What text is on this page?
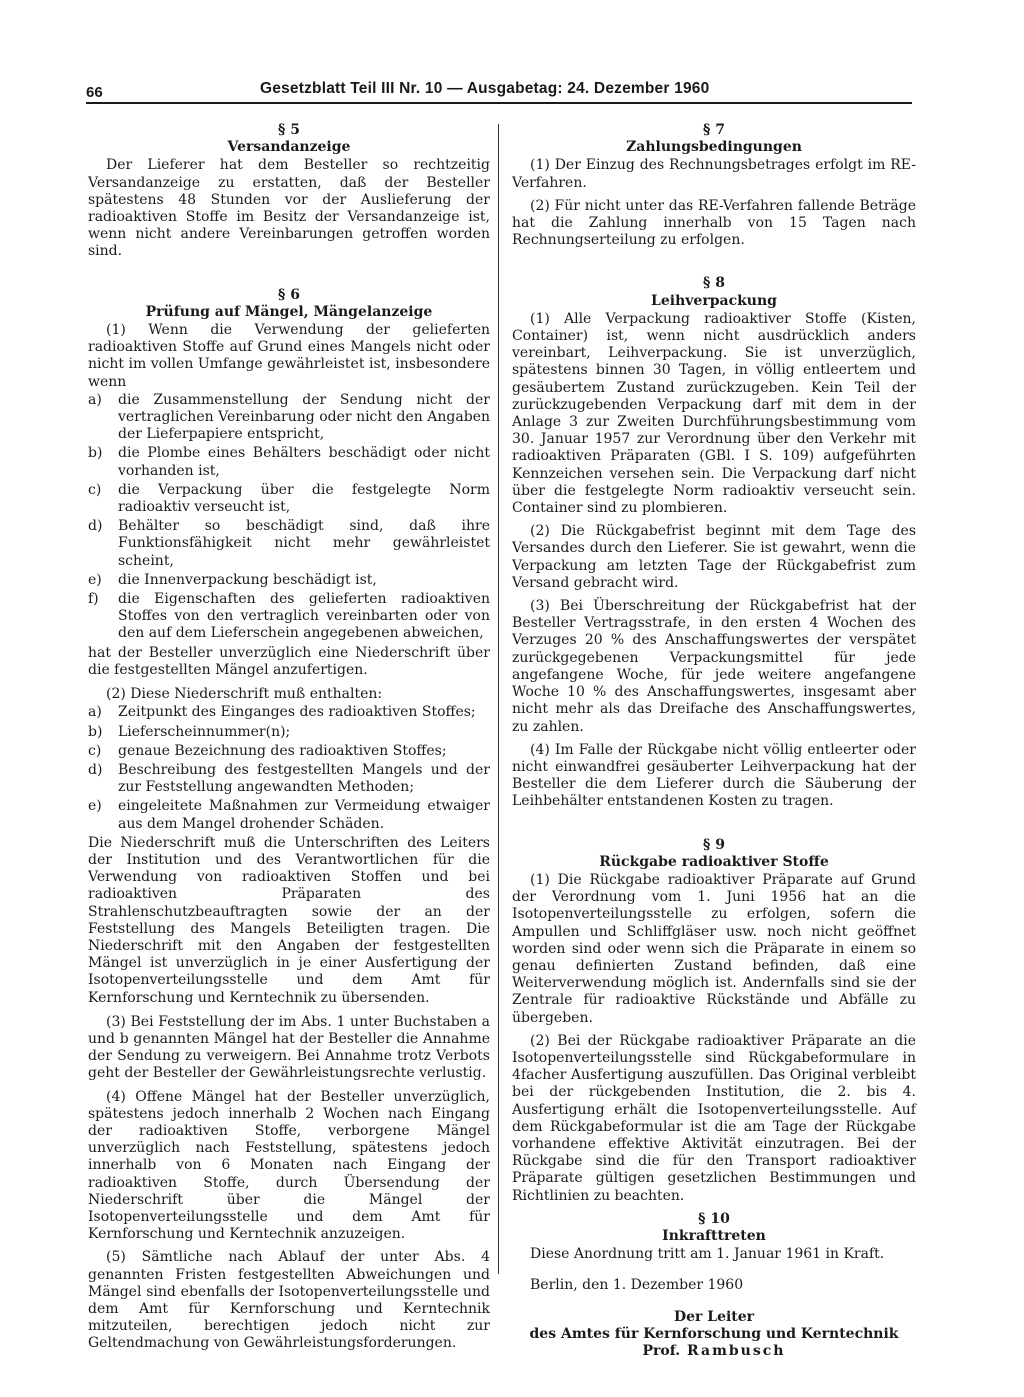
66	Gesetzblatt Teil III Nr. 10 — Ausgabetag: 24. Dezember 1960
§ 5
Versandanzeige

Der Lieferer hat dem Besteller so rechtzeitig Versandanzeige zu erstatten, daß der Besteller spätestens 48 Stunden vor der Auslieferung der radioaktiven Stoffe im Besitz der Versandanzeige ist, wenn nicht andere Vereinbarungen getroffen worden sind.

§ 6
Prüfung auf Mängel, Mängelanzeige

(1) Wenn die Verwendung der gelieferten radioaktiven Stoffe auf Grund eines Mangels nicht oder nicht im vollen Umfange gewährleistet ist, insbesondere wenn

a)	die Zusammenstellung der Sendung nicht der vertraglichen Vereinbarung oder nicht den Angaben der Lieferpapiere entspricht,
b)	die Plombe eines Behälters beschädigt oder nicht vorhanden ist,
c)	die Verpackung über die festgelegte Norm radioaktiv verseucht ist,
d)	Behälter so beschädigt sind, daß ihre Funktionsfähigkeit nicht mehr gewährleistet scheint,
e)	die Innenverpackung beschädigt ist,
f)	die Eigenschaften des gelieferten radioaktiven Stoffes von den vertraglich vereinbarten oder von den auf dem Lieferschein angegebenen abweichen,

hat der Besteller unverzüglich eine Niederschrift über die festgestellten Mängel anzufertigen.

(2) Diese Niederschrift muß enthalten:

a)	Zeitpunkt des Einganges des radioaktiven Stoffes;
b)	Lieferscheinnummer(n);
c)	genaue Bezeichnung des radioaktiven Stoffes;
d)	Beschreibung des festgestellten Mangels und der zur Feststellung angewandten Methoden;
e)	eingeleitete Maßnahmen zur Vermeidung etwaiger aus dem Mangel drohender Schäden.

Die Niederschrift muß die Unterschriften des Leiters der Institution und des Verantwortlichen für die Verwendung von radioaktiven Stoffen und bei radioaktiven Präparaten des Strahlenschutzbeauftragten sowie der an der Feststellung des Mangels Beteiligten tragen. Die Niederschrift mit den Angaben der festgestellten Mängel ist unverzüglich in je einer Ausfertigung der Isotopenverteilungsstelle und dem Amt für Kernforschung und Kerntechnik zu übersenden.

(3) Bei Feststellung der im Abs. 1 unter Buchstaben a und b genannten Mängel hat der Besteller die Annahme der Sendung zu verweigern. Bei Annahme trotz Verbots geht der Besteller der Gewährleistungsrechte verlustig.

(4) Offene Mängel hat der Besteller unverzüglich, spätestens jedoch innerhalb 2 Wochen nach Eingang der radioaktiven Stoffe, verborgene Mängel unverzüglich nach Feststellung, spätestens jedoch innerhalb von 6 Monaten nach Eingang der radioaktiven Stoffe, durch Übersendung der Niederschrift über die Mängel der Isotopenverteilungsstelle und dem Amt für Kernforschung und Kerntechnik anzuzeigen.

(5) Sämtliche nach Ablauf der unter Abs. 4 genannten Fristen festgestellten Abweichungen und Mängel sind ebenfalls der Isotopenverteilungsstelle und dem Amt für Kernforschung und Kerntechnik mitzuteilen, berechtigen jedoch nicht zur Geltendmachung von Gewährleistungsforderungen.

§ 7
Zahlungsbedingungen

(1) Der Einzug des Rechnungsbetrages erfolgt im RE-Verfahren.

(2) Für nicht unter das RE-Verfahren fallende Beträge hat die Zahlung innerhalb von 15 Tagen nach Rechnungserteilung zu erfolgen.

§ 8
Leihverpackung

(1) Alle Verpackung radioaktiver Stoffe (Kisten, Container) ist, wenn nicht ausdrücklich anders vereinbart, Leihverpackung. Sie ist unverzüglich, spätestens binnen 30 Tagen, in völlig entleertem und gesäubertem Zustand zurückzugeben. Kein Teil der zurückzugebenden Verpackung darf mit dem in der Anlage 3 zur Zweiten Durchführungsbestimmung vom 30. Januar 1957 zur Verordnung über den Verkehr mit radioaktiven Präparaten (GBl. I S. 109) aufgeführten Kennzeichen versehen sein. Die Verpackung darf nicht über die festgelegte Norm radioaktiv verseucht sein. Container sind zu plombieren.

(2) Die Rückgabefrist beginnt mit dem Tage des Versandes durch den Lieferer. Sie ist gewahrt, wenn die Verpackung am letzten Tage der Rückgabefrist zum Versand gebracht wird.

(3) Bei Überschreitung der Rückgabefrist hat der Besteller Vertragsstrafe, in den ersten 4 Wochen des Verzuges 20 % des Anschaffungswertes der verspätet zurückgegebenen Verpackungsmittel für jede angefangene Woche, für jede weitere angefangene Woche 10 % des Anschaffungswertes, insgesamt aber nicht mehr als das Dreifache des Anschaffungswertes, zu zahlen.

(4) Im Falle der Rückgabe nicht völlig entleerter oder nicht einwandfrei gesäuberter Leihverpackung hat der Besteller die dem Lieferer durch die Säuberung der Leihbehälter entstandenen Kosten zu tragen.

§ 9
Rückgabe radioaktiver Stoffe

(1) Die Rückgabe radioaktiver Präparate auf Grund der Verordnung vom 1. Juni 1956 hat an die Isotopenverteilungsstelle zu erfolgen, sofern die Ampullen und Schliffgläser usw. noch nicht geöffnet worden sind oder wenn sich die Präparate in einem so genau definierten Zustand befinden, daß eine Weiterverwendung möglich ist. Andernfalls sind sie der Zentrale für radioaktive Rückstände und Abfälle zu übergeben.

(2) Bei der Rückgabe radioaktiver Präparate an die Isotopenverteilungsstelle sind Rückgabeformulare in 4facher Ausfertigung auszufüllen. Das Original verbleibt bei der rückgebenden Institution, die 2. bis 4. Ausfertigung erhält die Isotopenverteilungsstelle. Auf dem Rückgabeformular ist die am Tage der Rückgabe vorhandene effektive Aktivität einzutragen. Bei der Rückgabe sind die für den Transport radioaktiver Präparate gültigen gesetzlichen Bestimmungen und Richtlinien zu beachten.

§ 10
Inkrafttreten

Diese Anordnung tritt am 1. Januar 1961 in Kraft.

Berlin, den 1. Dezember 1960

Der Leiter

des Amtes für Kernforschung und Kerntechnik

Prof. Rambusch
